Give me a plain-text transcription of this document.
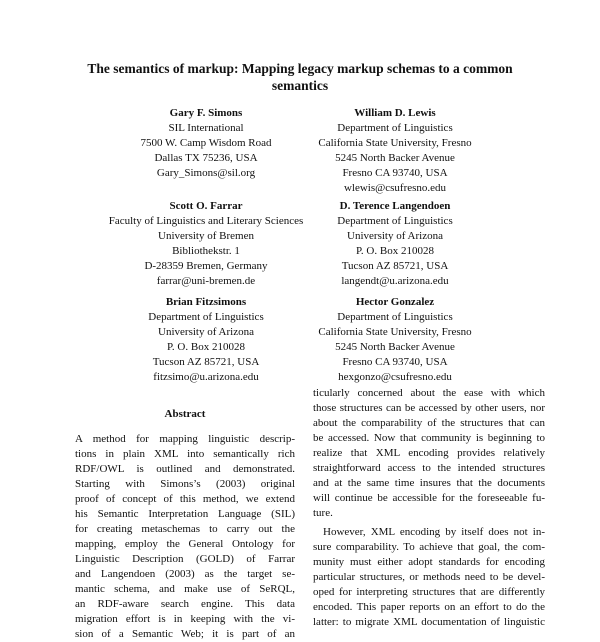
The semantics of markup: Mapping legacy markup schemas to a common
semantics
Gary F. Simons
SIL International
7500 W. Camp Wisdom Road
Dallas TX 75236, USA
Gary_Simons@sil.org
William D. Lewis
Department of Linguistics
California State University, Fresno
5245 North Backer Avenue
Fresno CA 93740, USA
wlewis@csufresno.edu
Scott O. Farrar
Faculty of Linguistics and Literary Sciences
University of Bremen
Bibliothekstr. 1
D-28359 Bremen, Germany
farrar@uni-bremen.de
D. Terence Langendoen
Department of Linguistics
University of Arizona
P. O. Box 210028
Tucson AZ 85721, USA
langendt@u.arizona.edu
Brian Fitzsimons
Department of Linguistics
University of Arizona
P. O. Box 210028
Tucson AZ 85721, USA
fitzsimo@u.arizona.edu
Hector Gonzalez
Department of Linguistics
California State University, Fresno
5245 North Backer Avenue
Fresno CA 93740, USA
hexgonzo@csufresno.edu
Abstract
A method for mapping linguistic descrip-
tions in plain XML into semantically rich
RDF/OWL is outlined and demonstrated.
Starting with Simons’s (2003) original
proof of concept of this method, we extend
his Semantic Interpretation Language (SIL)
for creating metaschemas to carry out the
mapping, employ the General Ontology for
Linguistic Description (GOLD) of Farrar
and Langendoen (2003) as the target se-
mantic schema, and make use of SeRQL,
an RDF-aware search engine. This data
migration effort is in keeping with the vi-
sion of a Semantic Web; it is part of an
ticularly concerned about the ease with which
those structures can be accessed by other users, nor
about the comparability of the structures that can
be accessed. Now that community is beginning to
realize that XML encoding provides relatively
straightforward access to the intended structures
and at the same time insures that the documents
will continue be accessible for the foreseeable fu-
ture.
However, XML encoding by itself does not in-
sure comparability. To achieve that goal, the com-
munity must either adopt standards for encoding
particular structures, or methods need to be devel-
oped for interpreting structures that are differently
encoded. This paper reports on an effort to do the
latter: to migrate XML documentation of linguistic
